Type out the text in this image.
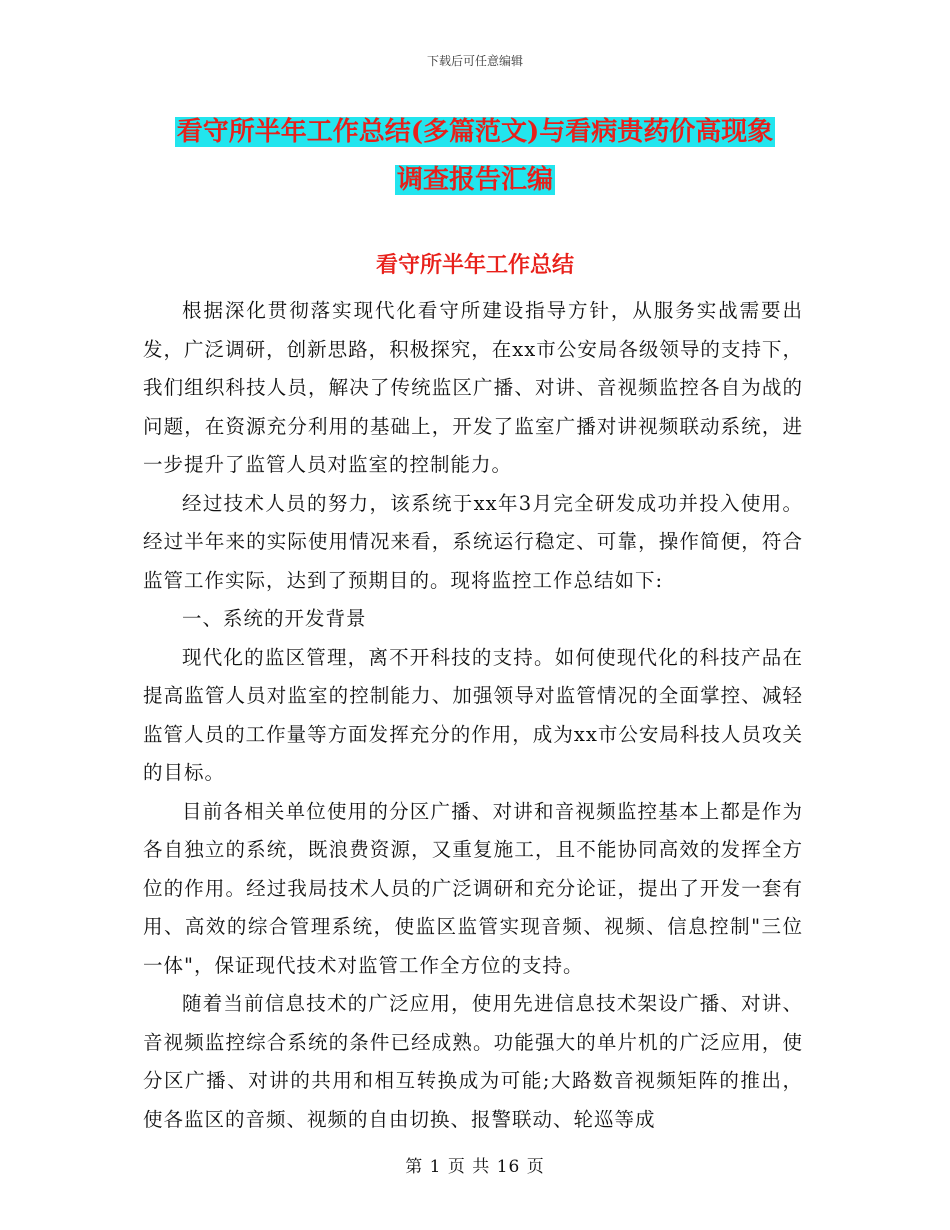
下载后可任意编辑
看守所半年工作总结(多篇范文)与看病贵药价高现象
调查报告汇编
看守所半年工作总结

根据深化贯彻落实现代化看守所建设指导方针，从服务实战需要出发，广泛调研，创新思路，积极探究，在xx市公安局各级领导的支持下，我们组织科技人员，解决了传统监区广播、对讲、音视频监控各自为战的问题，在资源充分利用的基础上，开发了监室广播对讲视频联动系统，进一步提升了监管人员对监室的控制能力。

经过技术人员的努力，该系统于xx年3月完全研发成功并投入使用。经过半年来的实际使用情况来看，系统运行稳定、可靠，操作简便，符合监管工作实际，达到了预期目的。现将监控工作总结如下:

一、系统的开发背景

现代化的监区管理，离不开科技的支持。如何使现代化的科技产品在提高监管人员对监室的控制能力、加强领导对监管情况的全面掌控、减轻监管人员的工作量等方面发挥充分的作用，成为xx市公安局科技人员攻关的目标。

目前各相关单位使用的分区广播、对讲和音视频监控基本上都是作为各自独立的系统，既浪费资源，又重复施工，且不能协同高效的发挥全方位的作用。经过我局技术人员的广泛调研和充分论证，提出了开发一套有用、高效的综合管理系统，使监区监管实现音频、视频、信息控制"三位一体"，保证现代技术对监管工作全方位的支持。

随着当前信息技术的广泛应用，使用先进信息技术架设广播、对讲、音视频监控综合系统的条件已经成熟。功能强大的单片机的广泛应用，使分区广播、对讲的共用和相互转换成为可能;大路数音视频矩阵的推出，使各监区的音频、视频的自由切换、报警联动、轮巡等成

第 1 页 共 16 页
